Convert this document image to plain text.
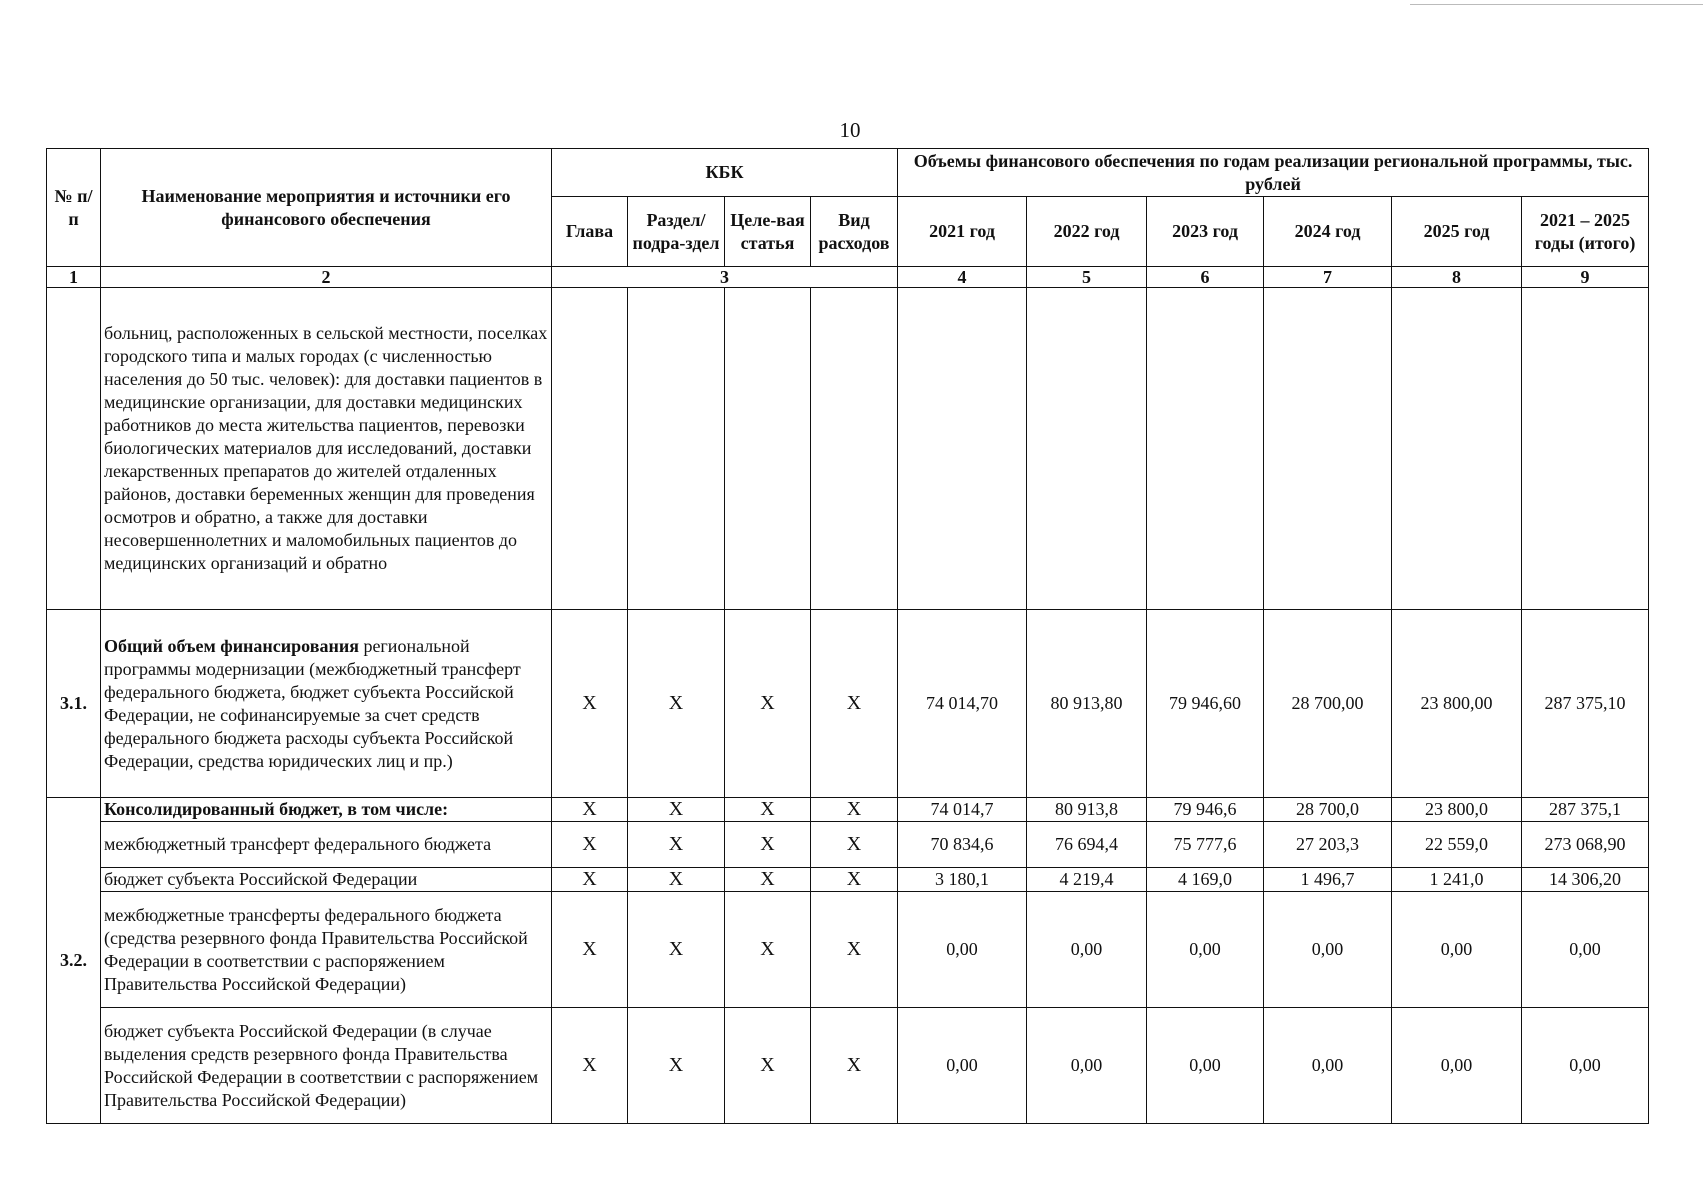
10
№ п/п	Наименование мероприятия и источники его финансового обеспечения	КБК				Объемы финансового обеспечения по годам реализации региональной программы, тыс. рублей					
		Глава	Раздел/ подра-здел	Целе-вая статья	Вид расходов	2021 год	2022 год	2023 год	2024 год	2025 год	2021 – 2025 годы (итого)
1	2	3				4	5	6	7	8	9
	больниц, расположенных в сельской местности, поселках городского типа и малых городах (с численностью населения до 50 тыс. человек): для доставки пациентов в медицинские организации, для доставки медицинских работников до места жительства пациентов, перевозки биологических материалов для исследований, доставки лекарственных препаратов до жителей отдаленных районов, доставки беременных женщин для проведения осмотров и обратно, а также для доставки несовершеннолетних и маломобильных пациентов до медицинских организаций и обратно										
3.1.	Общий объем финансирования региональной программы модернизации (межбюджетный трансферт федерального бюджета, бюджет субъекта Российской Федерации, не софинансируемые за счет средств федерального бюджета расходы субъекта Российской Федерации, средства юридических лиц и пр.)	Х	Х	Х	Х	74 014,70	80 913,80	79 946,60	28 700,00	23 800,00	287 375,10
3.2.	Консолидированный бюджет, в том числе:	Х	Х	Х	Х	74 014,7	80 913,8	79 946,6	28 700,0	23 800,0	287 375,1
	межбюджетный трансферт федерального бюджета	Х	Х	Х	Х	70 834,6	76 694,4	75 777,6	27 203,3	22 559,0	273 068,90
	бюджет субъекта Российской Федерации	Х	Х	Х	Х	3 180,1	4 219,4	4 169,0	1 496,7	1 241,0	14 306,20
	межбюджетные трансферты федерального бюджета (средства резервного фонда Правительства Российской Федерации в соответствии с распоряжением Правительства Российской Федерации)	Х	Х	Х	Х	0,00	0,00	0,00	0,00	0,00	0,00
	бюджет субъекта Российской Федерации (в случае выделения средств резервного фонда Правительства Российской Федерации в соответствии с распоряжением Правительства Российской Федерации)	Х	Х	Х	Х	0,00	0,00	0,00	0,00	0,00	0,00
